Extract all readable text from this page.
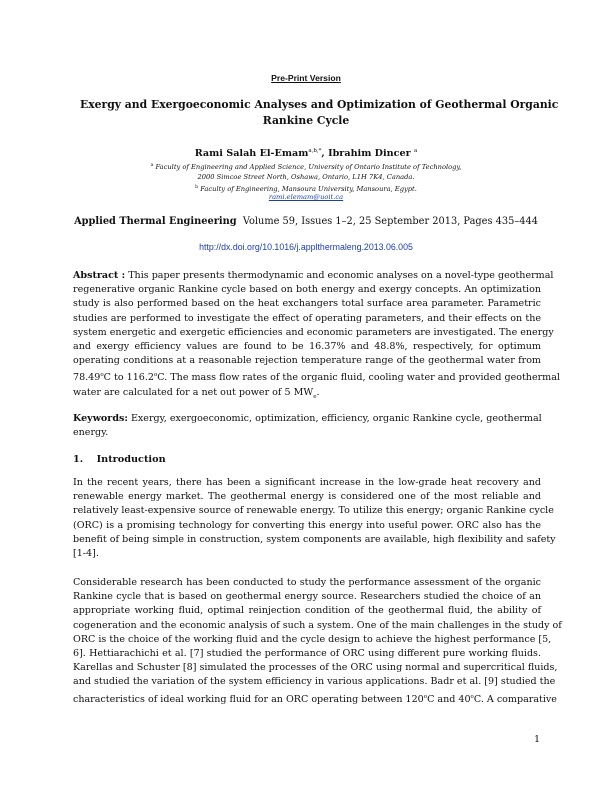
Pre-Print Version
Exergy and Exergoeconomic Analyses and Optimization of Geothermal Organic
Rankine Cycle
Rami Salah El-Emam$^{a,b,*}$, Ibrahim Dincer $^a$
$^a$ Faculty of Engineering and Applied Science, University of Ontario Institute of Technology,
2000 Simcoe Street North, Oshawa, Ontario, L1H 7K4, Canada.
$^b$ Faculty of Engineering, Mansoura University, Mansoura, Egypt.
rami.elemam@uoit.ca
Applied Thermal Engineering Volume 59, Issues 1–2, 25 September 2013, Pages 435–444
http://dx.doi.org/10.1016/j.applthermaleng.2013.06.005
Abstract : This paper presents thermodynamic and economic analyses on a novel-type geothermal
regenerative organic Rankine cycle based on both energy and exergy concepts. An optimization
study is also performed based on the heat exchangers total surface area parameter. Parametric
studies are performed to investigate the effect of operating parameters, and their effects on the
system energetic and exergetic efficiencies and economic parameters are investigated. The energy
and exergy efficiency values are found to be 16.37% and 48.8%, respectively, for optimum
operating conditions at a reasonable rejection temperature range of the geothermal water from
78.49$^o$C to 116.2$^o$C. The mass flow rates of the organic fluid, cooling water and provided geothermal
water are calculated for a net out power of 5 $MW_e$.
Keywords: Exergy, exergoeconomic, optimization, efficiency, organic Rankine cycle, geothermal
energy.
1. Introduction
In the recent years, there has been a significant increase in the low-grade heat recovery and
renewable energy market. The geothermal energy is considered one of the most reliable and
relatively least-expensive source of renewable energy. To utilize this energy; organic Rankine cycle
(ORC) is a promising technology for converting this energy into useful power. ORC also has the
benefit of being simple in construction, system components are available, high flexibility and safety
[1-4].
Considerable research has been conducted to study the performance assessment of the organic
Rankine cycle that is based on geothermal energy source. Researchers studied the choice of an
appropriate working fluid, optimal reinjection condition of the geothermal fluid, the ability of
cogeneration and the economic analysis of such a system. One of the main challenges in the study of
ORC is the choice of the working fluid and the cycle design to achieve the highest performance [5,
6]. Hettiarachichi et al. [7] studied the performance of ORC using different pure working fluids.
Karellas and Schuster [8] simulated the processes of the ORC using normal and supercritical fluids,
and studied the variation of the system efficiency in various applications. Badr et al. [9] studied the
characteristics of ideal working fluid for an ORC operating between 120$^o$C and 40$^o$C. A comparative
1
